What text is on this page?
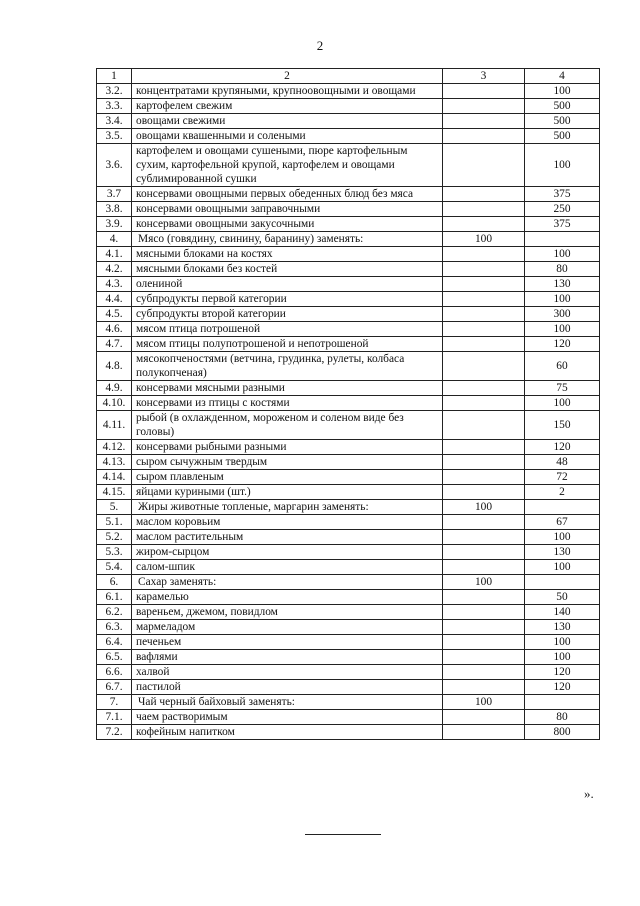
2
1	2	3	4
3.2.	концентратами крупяными, крупноовощными и овощами		100
3.3.	картофелем свежим		500
3.4.	овощами свежими		500
3.5.	овощами квашенными и солеными		500
3.6.	картофелем и овощами сушеными, пюре картофельным сухим, картофельной крупой, картофелем и овощами сублимированной сушки		100
3.7	консервами овощными первых обеденных блюд без мяса		375
3.8.	консервами овощными заправочными		250
3.9.	консервами овощными закусочными		375
4.	Мясо (говядину, свинину, баранину) заменять:	100	
4.1.	мясными блоками на костях		100
4.2.	мясными блоками без костей		80
4.3.	олениной		130
4.4.	субпродукты первой категории		100
4.5.	субпродукты второй категории		300
4.6.	мясом птица потрошеной		100
4.7.	мясом птицы полупотрошеной и непотрошеной		120
4.8.	мясокопченостями (ветчина, грудинка, рулеты, колбаса полукопченая)		60
4.9.	консервами мясными разными		75
4.10.	консервами из птицы с костями		100
4.11.	рыбой (в охлажденном, мороженом и соленом виде без головы)		150
4.12.	консервами рыбными разными		120
4.13.	сыром сычужным твердым		48
4.14.	сыром плавленым		72
4.15.	яйцами куриными (шт.)		2
5.	Жиры животные топленые, маргарин заменять:	100	
5.1.	маслом коровьим		67
5.2.	маслом растительным		100
5.3.	жиром-сырцом		130
5.4.	салом-шпик		100
6.	Сахар заменять:	100	
6.1.	карамелью		50
6.2.	вареньем, джемом, повидлом		140
6.3.	мармеладом		130
6.4.	печеньем		100
6.5.	вафлями		100
6.6.	халвой		120
6.7.	пастилой		120
7.	Чай черный байховый заменять:	100	
7.1.	чаем растворимым		80
7.2.	кофейным напитком		800
».
